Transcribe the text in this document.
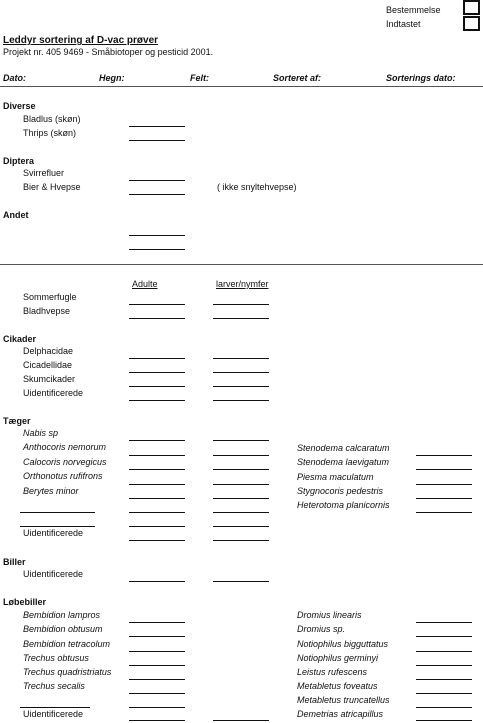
Bestemmelse
Indtastet
Leddyr sortering af D-vac prøver
Projekt nr. 405 9469 - Småbiotoper og pesticid 2001.
Dato:	Hegn:	Felt:	Sorteret af:	Sorterings dato:
Diverse
Bladlus (skøn)
Thrips (skøn)
Diptera
Svirrefluer
Bier & Hvepse	( ikke snyltehvepse)
Andet
Adulte	larver/nymfer
Sommerfugle
Bladhvepse
Cikader
Delphacidae
Cicadellidae
Skumcikader
Uidentificerede
Tæger
Nabis sp
Anthocoris nemorum	Stenodema calcaratum
Calocoris norvegicus	Stenodema laevigatum
Orthonotus rufifrons	Piesma maculatum
Berytes minor	Stygnocoris pedestris
Heterotoma planicornis
Uidentificerede
Biller
Uidentificerede
Løbebiller
Bembidion lampros	Dromius linearis
Bembidion obtusum	Dromius sp.
Bembidion tetracolum	Notiophilus bigguttatus
Trechus obtusus	Notiophilus germinyi
Trechus quadristriatus	Leistus rufescens
Trechus secalis	Metabletus foveatus
Metabletus truncatellus
Uidentificerede	Demetrias atricapillus
